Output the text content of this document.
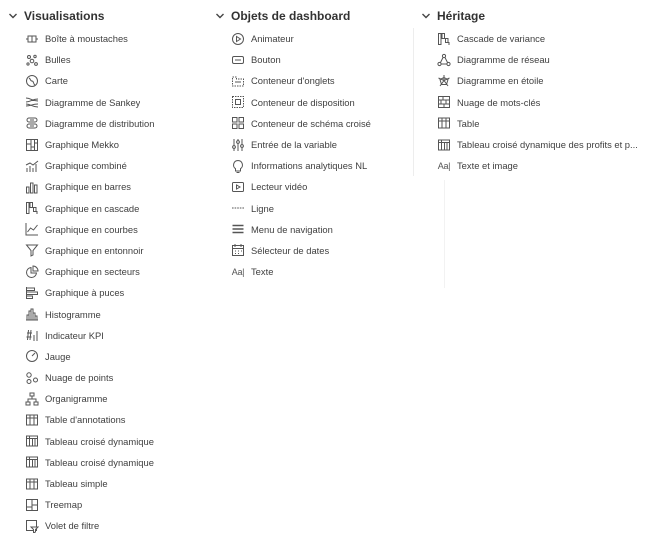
Visualisations
Boîte à moustaches
Bulles
Carte
Diagramme de Sankey
Diagramme de distribution
Graphique Mekko
Graphique combiné
Graphique en barres
Graphique en cascade
Graphique en courbes
Graphique en entonnoir
Graphique en secteurs
Graphique à puces
Histogramme
Indicateur KPI
Jauge
Nuage de points
Organigramme
Table d'annotations
Tableau croisé dynamique
Tableau croisé dynamique
Tableau simple
Treemap
Volet de filtre
Objets de dashboard
Animateur
Bouton
Conteneur d'onglets
Conteneur de disposition
Conteneur de schéma croisé
Entrée de la variable
Informations analytiques NL
Lecteur vidéo
Ligne
Menu de navigation
Sélecteur de dates
Aa| Texte
Héritage
Cascade de variance
Diagramme de réseau
Diagramme en étoile
Nuage de mots-clés
Table
Tableau croisé dynamique des profits et p...
Aa| Texte et image
